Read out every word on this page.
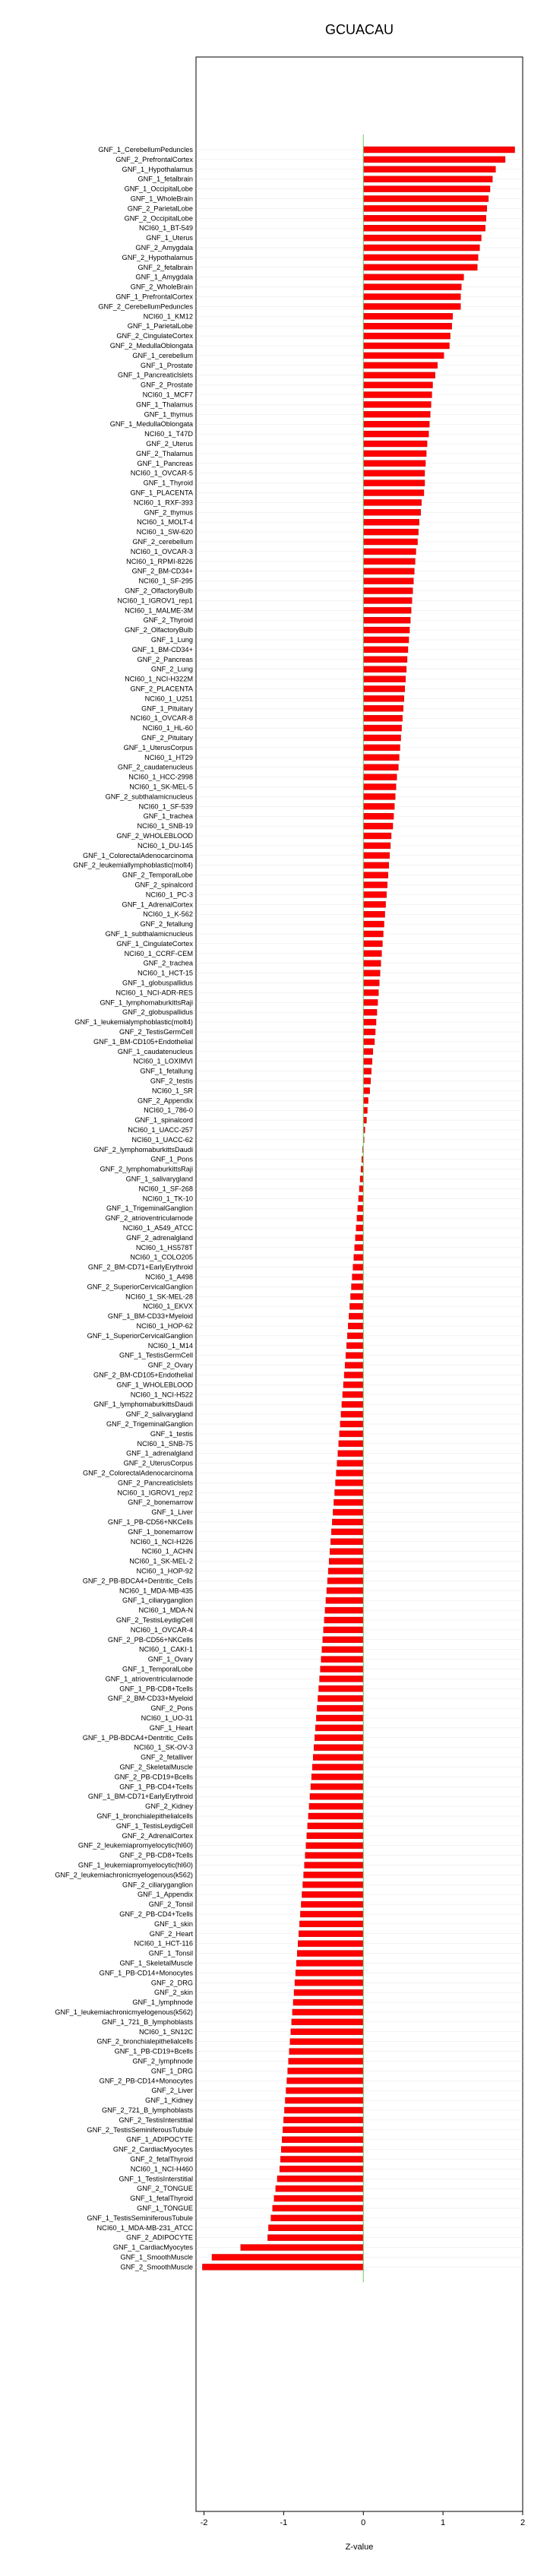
GNF_1_CerebellumPeduncles
GNF_2_PrefrontalCortex
GNF_1_Hypothalamus
GNF_1_fetalbrain
GNF_1_OccipitalLobe
GNF_1_WholeBrain
GNF_2_ParietalLobe
GNF_2_OccipitalLobe
NCI60_1_BT-549
GNF_1_Uterus
GNF_2_Amygdala
GNF_2_Hypothalamus
GNF_2_fetalbrain
GNF_1_Amygdala
GNF_2_WholeBrain
GNF_1_PrefrontalCortex
GNF_2_CerebellumPeduncles
NCI60_1_KM12
GNF_1_ParietalLobe
GNF_2_CingulateCortex
GNF_2_MedullaOblongata
GNF_1_cerebellum
GNF_1_Prostate
GNF_1_Pancreaticlslets
GNF_2_Prostate
NCI60_1_MCF7
GNF_1_Thalamus
GNF_1_thymus
GNF_1_MedullaOblongata
NCI60_1_T47D
GNF_2_Uterus
GNF_2_Thalamus
GNF_1_Pancreas
NCI60_1_OVCAR-5
GNF_1_Thyroid
GNF_1_PLACENTA
NCI60_1_RXF-393
GNF_2_thymus
NCI60_1_MOLT-4
NCI60_1_SW-620
GNF_2_cerebellum
NCI60_1_OVCAR-3
NCI60_1_RPMI-8226
GNF_2_BM-CD34+
NCI60_1_SF-295
GNF_2_OlfactoryBulb
NCI60_1_IGROV1_rep1
NCI60_1_MALME-3M
GNF_2_Thyroid
GNF_2_OlfactoryBulb
GNF_1_Lung
GNF_1_BM-CD34+
GNF_2_Pancreas
GNF_2_Lung
NCI60_1_NCI-H322M
GNF_2_PLACENTA
NCI60_1_U251
GNF_1_Pituitary
NCI60_1_OVCAR-8
NCI60_1_HL-60
GNF_2_Pituitary
GNF_1_UterusCorpus
NCI60_1_HT29
GNF_2_caudatenucleus
NCI60_1_HCC-2998
NCI60_1_SK-MEL-5
GNF_2_subthalamicnucleus
NCI60_1_SF-539
GNF_1_trachea
NCI60_1_SNB-19
GNF_2_WHOLEBLOOD
NCI60_1_DU-145
GNF_1_ColorectalAdenocarcinoma
GNF_2_leukemiallymphoblastic(molt4)
GNF_2_TemporalLobe
GNF_2_spinalcord
NCI60_1_PC-3
GNF_1_AdrenalCortex
NCI60_1_K-562
GNF_2_fetallung
GNF_1_subthalamicnucleus
GNF_1_CingulateCortex
NCI60_1_CCRF-CEM
GNF_2_trachea
NCI60_1_HCT-15
GNF_1_globuspallidus
NCI60_1_NCI-ADR-RES
GNF_1_lymphomaburkittsRaji
GNF_2_globuspallidus
GNF_1_leukemialymphoblastic(molt4)
GNF_2_TestisGermCell
GNF_1_BM-CD105+Endothelial
GNF_1_caudatenucleus
NCI60_1_LOXIMVI
GNF_1_fetallung
GNF_2_testis
NCI60_1_SR
GNF_2_Appendix
NCI60_1_786-0
GNF_1_spinalcord
NCI60_1_UACC-257
NCI60_1_UACC-62
GNF_2_lymphomaburkittsDaudi
GNF_1_Pons
GNF_2_lymphomaburkittsRaji
GNF_1_salivarygland
NCI60_1_SF-268
NCI60_1_TK-10
GNF_1_TrigeminalGanglion
GNF_2_atrioventricularnode
NCI60_1_A549_ATCC
GNF_2_adrenalgland
NCI60_1_HS578T
NCI60_1_COLO205
GNF_2_BM-CD71+EarlyErythroid
NCI60_1_A498
GNF_2_SuperiorCervicalGanglion
NCI60_1_SK-MEL-28
NCI60_1_EKVX
GNF_1_BM-CD33+Myeloid
NCI60_1_HOP-62
GNF_1_SuperiorCervicalGanglion
NCI60_1_M14
GNF_1_TestisGermCell
GNF_2_Ovary
GNF_2_BM-CD105+Endothelial
GNF_1_WHOLEBLOOD
NCI60_1_NCI-H522
GNF_1_lymphomaburkittsDaudi
GNF_2_salivarygland
GNF_2_TrigeminalGanglion
GNF_1_testis
NCI60_1_SNB-75
GNF_1_adrenalgland
GNF_2_UterusCorpus
GNF_2_ColorectalAdenocarcinoma
GNF_2_Pancreaticlslets
NCI60_1_IGROV1_rep2
GNF_2_bonemarrow
GNF_1_Liver
GNF_1_PB-CD56+NKCells
GNF_1_bonemarrow
NCI60_1_NCI-H226
NCI60_1_ACHN
NCI60_1_SK-MEL-2
NCI60_1_HOP-92
GNF_2_PB-BDCA4+Dentritic_Cells
NCI60_1_MDA-MB-435
GNF_1_ciliaryganglion
NCI60_1_MDA-N
GNF_2_TestisLeydigCell
NCI60_1_OVCAR-4
GNF_2_PB-CD56+NKCells
NCI60_1_CAKI-1
GNF_1_Ovary
GNF_1_TemporalLobe
GNF_1_atrioventricularnode
GNF_1_PB-CD8+Tcells
GNF_2_BM-CD33+Myeloid
GNF_2_Pons
NCI60_1_UO-31
GNF_1_Heart
GNF_1_PB-BDCA4+Dentritic_Cells
NCI60_1_SK-OV-3
GNF_2_fetalliver
GNF_2_SkeletalMuscle
GNF_2_PB-CD19+Bcells
GNF_1_PB-CD4+Tcells
GNF_1_BM-CD71+EarlyErythroid
GNF_2_Kidney
GNF_1_bronchialepithelialcells
GNF_1_TestisLeydigCell
GNF_2_AdrenalCortex
GNF_2_leukemiapromyelocytic(hl60)
GNF_2_PB-CD8+Tcells
GNF_1_leukemiapromyelocytic(hl60)
GNF_2_leukemiachronicmyelogenous(k562)
GNF_2_ciliaryganglion
GNF_1_Appendix
GNF_2_Tonsil
GNF_2_PB-CD4+Tcells
GNF_1_skin
GNF_2_Heart
NCI60_1_HCT-116
GNF_1_Tonsil
GNF_1_SkeletalMuscle
GNF_1_PB-CD14+Monocytes
GNF_2_DRG
GNF_2_skin
GNF_1_lymphnode
GNF_1_leukemiachronicmyelogenous(k562)
GNF_1_721_B_lymphoblasts
NCI60_1_SN12C
GNF_2_bronchialepithelialcells
GNF_1_PB-CD19+Bcells
GNF_2_lymphnode
GNF_1_DRG
GNF_2_PB-CD14+Monocytes
GNF_2_Liver
GNF_1_Kidney
GNF_2_721_B_lymphoblasts
GNF_2_TestisInterstitial
GNF_2_TestisSeminiferousTubule
GNF_1_ADIPOCYTE
GNF_2_CardiacMyocytes
GNF_2_fetalThyroid
NCI60_1_NCI-H460
GNF_1_TestisInterstitial
GNF_2_TONGUE
GNF_1_fetalThyroid
GNF_1_TONGUE
GNF_1_TestisSeminiferousTubule
NCI60_1_MDA-MB-231_ATCC
GNF_2_ADIPOCYTE
GNF_1_CardiacMyocytes
GNF_1_SmoothMuscle
GNF_2_SmoothMuscle
-2	-1	0	1	2
GCUACAU
Z-value
